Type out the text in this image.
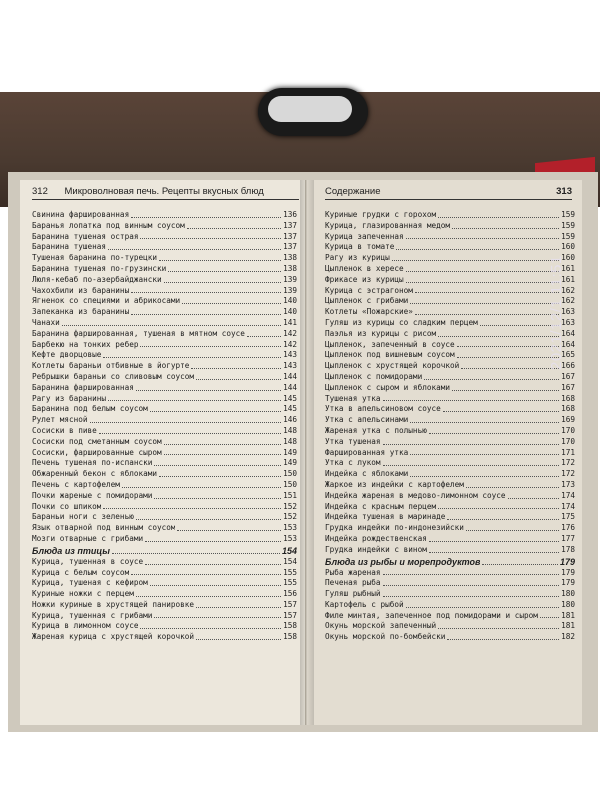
312 Микроволновая печь. Рецепты вкусных блюд
Свинина фаршированная	136
Баранья лопатка под винным соусом	137
Баранина тушеная острая	137
Баранина тушеная	137
Тушеная баранина по-турецки	138
Баранина тушеная по-грузински	138
Люля-кебаб по-азербайджански	139
Чахохбили из баранины	139
Ягненок со специями и абрикосами	140
Запеканка из баранины	140
Чанахи	141
Баранина фаршированная, тушеная в мятном соусе	142
Барбекю на тонких ребер	142
Кефте дворцовые	143
Котлеты бараньи отбивные в йогурте	143
Ребрышки бараньи со сливовым соусом	144
Баранина фаршированная	144
Рагу из баранины	145
Баранина под белым соусом	145
Рулет мясной	146
Сосиски в пиве	148
Сосиски под сметанным соусом	148
Сосиски, фаршированные сыром	149
Печень тушеная по-испански	149
Обжаренный бекон с яблоками	150
Печень с картофелем	150
Почки жареные с помидорами	151
Почки со шпиком	152
Бараньи ноги с зеленью	152
Язык отварной под винным соусом	153
Мозги отварные с грибами	153
Блюда из птицы	154
Курица, тушенная в соусе	154
Курица с белым соусом	155
Курица, тушеная с кефиром	155
Куриные ножки с перцем	156
Ножки куриные в хрустящей панировке	157
Курица, тушенная с грибами	157
Курица в лимонном соусе	158
Жареная курица с хрустящей корочкой	158
Содержание	313
Куриные грудки с горохом	159
Курица, глазированная медом	159
Курица запеченная	159
Курица в томате	160
Рагу из курицы	160
Цыпленок в хересе	161
Фрикасе из курицы	161
Курица с эстрагоном	162
Цыпленок с грибами	162
Котлеты «Пожарские»	163
Гуляш из курицы со сладким перцем	163
Паэлья из курицы с рисом	164
Цыпленок, запеченный в соусе	164
Цыпленок под вишневым соусом	165
Цыпленок с хрустящей корочкой	166
Цыпленок с помидорами	167
Цыпленок с сыром и яблоками	167
Тушеная утка	168
Утка в апельсиновом соусе	168
Утка с апельсинами	169
Жареная утка с полынью	170
Утка тушеная	170
Фаршированная утка	171
Утка с луком	172
Индейка с яблоками	172
Жаркое из индейки с картофелем	173
Индейка жареная в медово-лимонном соусе	174
Индейка с красным перцем	174
Индейка тушеная в маринаде	175
Грудка индейки по-индонезийски	176
Индейка рождественская	177
Грудка индейки с вином	178
Блюда из рыбы и морепродуктов	179
Рыба жареная	179
Печеная рыба	179
Гуляш рыбный	180
Картофель с рыбой	180
Филе минтая, запеченное под помидорами и сыром	181
Окунь морской запеченный	181
Окунь морской по-бомбейски	182
2021/12/1 11:51
